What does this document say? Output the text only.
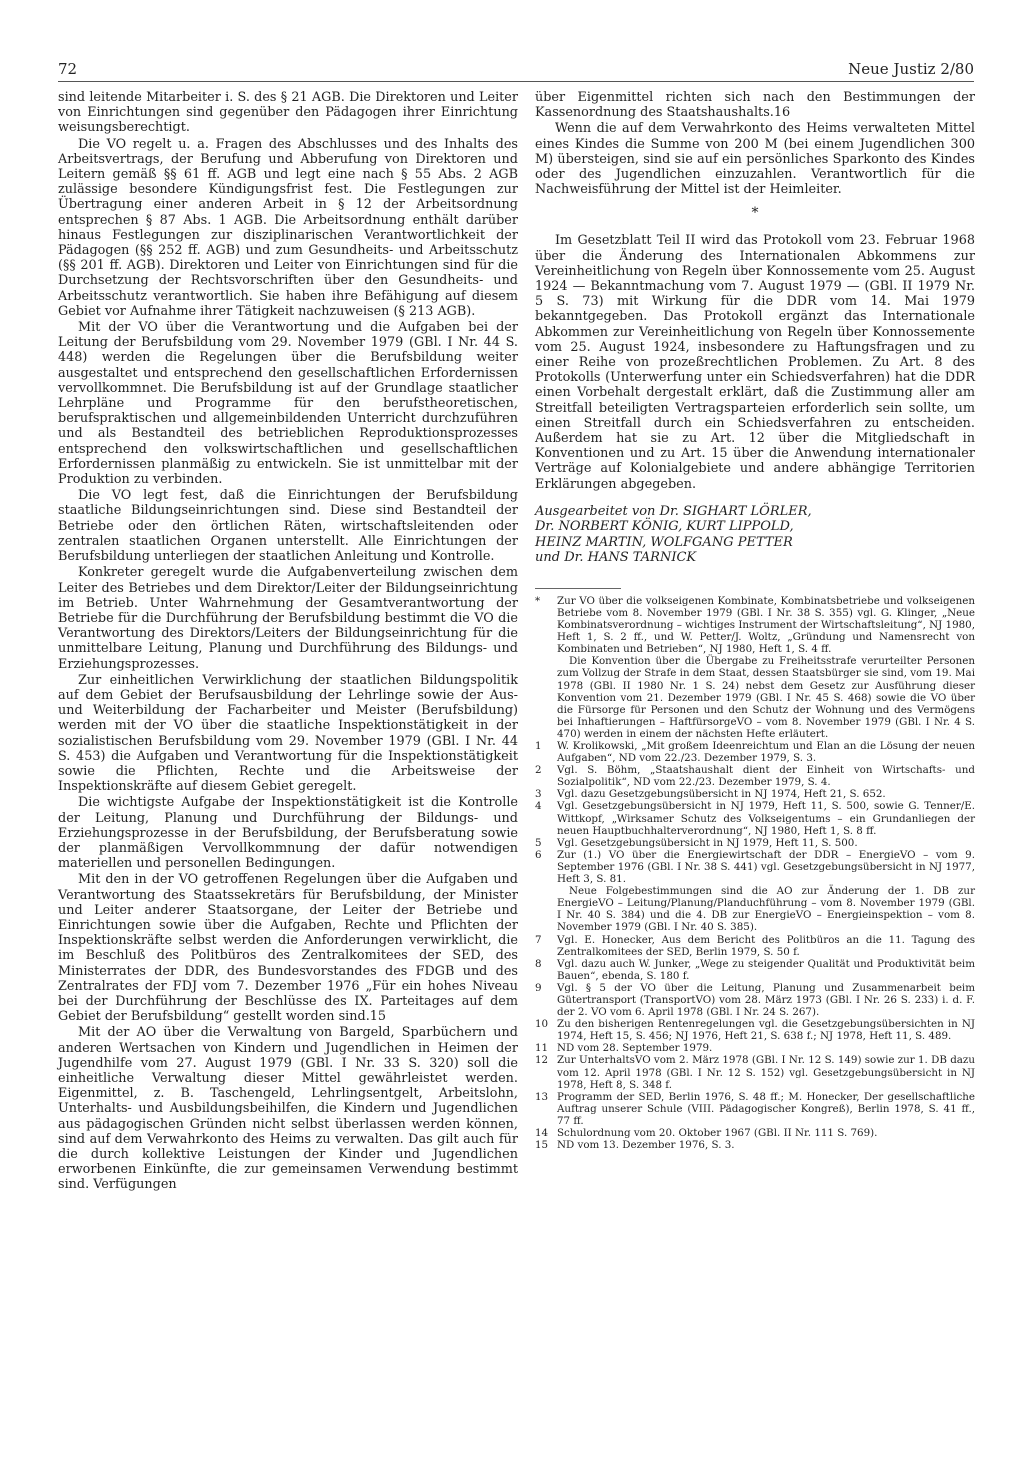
72	Neue Justiz 2/80

sind leitende Mitarbeiter i. S. des § 21 AGB. Die Direktoren und Leiter von Einrichtungen sind gegenüber den Pädagogen ihrer Einrichtung weisungsberechtigt.

Die VO regelt u. a. Fragen des Abschlusses und des Inhalts des Arbeitsvertrags, der Berufung und Abberufung von Direktoren und Leitern gemäß §§ 61 ff. AGB und legt eine nach § 55 Abs. 2 AGB zulässige besondere Kündigungsfrist fest. Die Festlegungen zur Übertragung einer anderen Arbeit in § 12 der Arbeitsordnung entsprechen § 87 Abs. 1 AGB. Die Arbeitsordnung enthält darüber hinaus Festlegungen zur disziplinarischen Verantwortlichkeit der Pädagogen (§§ 252 ff. AGB) und zum Gesundheits- und Arbeitsschutz (§§ 201 ff. AGB). Direktoren und Leiter von Einrichtungen sind für die Durchsetzung der Rechtsvorschriften über den Gesundheits- und Arbeitsschutz verantwortlich. Sie haben ihre Befähigung auf diesem Gebiet vor Aufnahme ihrer Tätigkeit nachzuweisen (§ 213 AGB).

Mit der VO über die Verantwortung und die Aufgaben bei der Leitung der Berufsbildung vom 29. November 1979 (GBl. I Nr. 44 S. 448) werden die Regelungen über die Berufsbildung weiter ausgestaltet und entsprechend den gesellschaftlichen Erfordernissen vervollkommnet. Die Berufsbildung ist auf der Grundlage staatlicher Lehrpläne und Programme für den berufstheoretischen, berufspraktischen und allgemeinbildenden Unterricht durchzuführen und als Bestandteil des betrieblichen Reproduktionsprozesses entsprechend den volkswirtschaftlichen und gesellschaftlichen Erfordernissen planmäßig zu entwickeln. Sie ist unmittelbar mit der Produktion zu verbinden.

Die VO legt fest, daß die Einrichtungen der Berufsbildung staatliche Bildungseinrichtungen sind. Diese sind Bestandteil der Betriebe oder den örtlichen Räten, wirtschaftsleitenden oder zentralen staatlichen Organen unterstellt. Alle Einrichtungen der Berufsbildung unterliegen der staatlichen Anleitung und Kontrolle.

Konkreter geregelt wurde die Aufgabenverteilung zwischen dem Leiter des Betriebes und dem Direktor/Leiter der Bildungseinrichtung im Betrieb. Unter Wahrnehmung der Gesamtverantwortung der Betriebe für die Durchführung der Berufsbildung bestimmt die VO die Verantwortung des Direktors/Leiters der Bildungseinrichtung für die unmittelbare Leitung, Planung und Durchführung des Bildungs- und Erziehungsprozesses.

Zur einheitlichen Verwirklichung der staatlichen Bildungspolitik auf dem Gebiet der Berufsausbildung der Lehrlinge sowie der Aus- und Weiterbildung der Facharbeiter und Meister (Berufsbildung) werden mit der VO über die staatliche Inspektionstätigkeit in der sozialistischen Berufsbildung vom 29. November 1979 (GBl. I Nr. 44 S. 453) die Aufgaben und Verantwortung für die Inspektionstätigkeit sowie die Pflichten, Rechte und die Arbeitsweise der Inspektionskräfte auf diesem Gebiet geregelt.

Die wichtigste Aufgabe der Inspektionstätigkeit ist die Kontrolle der Leitung, Planung und Durchführung der Bildungs- und Erziehungsprozesse in der Berufsbildung, der Berufsberatung sowie der planmäßigen Vervollkommnung der dafür notwendigen materiellen und personellen Bedingungen.

Mit den in der VO getroffenen Regelungen über die Aufgaben und Verantwortung des Staatssekretärs für Berufsbildung, der Minister und Leiter anderer Staatsorgane, der Leiter der Betriebe und Einrichtungen sowie über die Aufgaben, Rechte und Pflichten der Inspektionskräfte selbst werden die Anforderungen verwirklicht, die im Beschluß des Politbüros des Zentralkomitees der SED, des Ministerrates der DDR, des Bundesvorstandes des FDGB und des Zentralrates der FDJ vom 7. Dezember 1976 „Für ein hohes Niveau bei der Durchführung der Beschlüsse des IX. Parteitages auf dem Gebiet der Berufsbildung“ gestellt worden sind.15

Mit der AO über die Verwaltung von Bargeld, Sparbüchern und anderen Wertsachen von Kindern und Jugendlichen in Heimen der Jugendhilfe vom 27. August 1979 (GBl. I Nr. 33 S. 320) soll die einheitliche Verwaltung dieser Mittel gewährleistet werden. Eigenmittel, z. B. Taschengeld, Lehrlingsentgelt, Arbeitslohn, Unterhalts- und Ausbildungsbeihilfen, die Kindern und Jugendlichen aus pädagogischen Gründen nicht selbst überlassen werden können, sind auf dem Verwahrkonto des Heims zu verwalten. Das gilt auch für die durch kollektive Leistungen der Kinder und Jugendlichen erworbenen Einkünfte, die zur gemeinsamen Verwendung bestimmt sind. Verfügungen

über Eigenmittel richten sich nach den Bestimmungen der Kassenordnung des Staatshaushalts.16

Wenn die auf dem Verwahrkonto des Heims verwalteten Mittel eines Kindes die Summe von 200 M (bei einem Jugendlichen 300 M) übersteigen, sind sie auf ein persönliches Sparkonto des Kindes oder des Jugendlichen einzuzahlen. Verantwortlich für die Nachweisführung der Mittel ist der Heimleiter.

*

Im Gesetzblatt Teil II wird das Protokoll vom 23. Februar 1968 über die Änderung des Internationalen Abkommens zur Vereinheitlichung von Regeln über Konnossemente vom 25. August 1924 — Bekanntmachung vom 7. August 1979 — (GBl. II 1979 Nr. 5 S. 73) mit Wirkung für die DDR vom 14. Mai 1979 bekanntgegeben. Das Protokoll ergänzt das Internationale Abkommen zur Vereinheitlichung von Regeln über Konnossemente vom 25. August 1924, insbesondere zu Haftungsfragen und zu einer Reihe von prozeßrechtlichen Problemen. Zu Art. 8 des Protokolls (Unterwerfung unter ein Schiedsverfahren) hat die DDR einen Vorbehalt dergestalt erklärt, daß die Zustimmung aller am Streitfall beteiligten Vertragsparteien erforderlich sein sollte, um einen Streitfall durch ein Schiedsverfahren zu entscheiden. Außerdem hat sie zu Art. 12 über die Mitgliedschaft in Konventionen und zu Art. 15 über die Anwendung internationaler Verträge auf Kolonialgebiete und andere abhängige Territorien Erklärungen abgegeben.

Ausgearbeitet von Dr. SIGHART LÖRLER,
Dr. NORBERT KÖNIG, KURT LIPPOLD,
HEINZ MARTIN, WOLFGANG PETTER
und Dr. HANS TARNICK
*	Zur VO über die volkseigenen Kombinate, Kombinatsbetriebe und volkseigenen Betriebe vom 8. November 1979 (GBl. I Nr. 38 S. 355) vgl. G. Klinger, „Neue Kombinatsverordnung – wichtiges Instrument der Wirtschaftsleitung“, NJ 1980, Heft 1, S. 2 ff., und W. Petter/J. Woltz, „Gründung und Namensrecht von Kombinaten und Betrieben“, NJ 1980, Heft 1, S. 4 ff.
Die Konvention über die Übergabe zu Freiheitsstrafe verurteilter Personen zum Vollzug der Strafe in dem Staat, dessen Staatsbürger sie sind, vom 19. Mai 1978 (GBl. II 1980 Nr. 1 S. 24) nebst dem Gesetz zur Ausführung dieser Konvention vom 21. Dezember 1979 (GBl. I Nr. 45 S. 468) sowie die VO über die Fürsorge für Personen und den Schutz der Wohnung und des Vermögens bei Inhaftierungen – HaftfürsorgeVO – vom 8. November 1979 (GBl. I Nr. 4 S. 470) werden in einem der nächsten Hefte erläutert.
1	W. Krolikowski, „Mit großem Ideenreichtum und Elan an die Lösung der neuen Aufgaben“, ND vom 22./23. Dezember 1979, S. 3.
2	Vgl. S. Böhm, „Staatshaushalt dient der Einheit von Wirtschafts- und Sozialpolitik“, ND vom 22./23. Dezember 1979, S. 4.
3	Vgl. dazu Gesetzgebungsübersicht in NJ 1974, Heft 21, S. 652.
4	Vgl. Gesetzgebungsübersicht in NJ 1979, Heft 11, S. 500, sowie G. Tenner/E. Wittkopf, „Wirksamer Schutz des Volkseigentums – ein Grundanliegen der neuen Hauptbuchhalterverordnung“, NJ 1980, Heft 1, S. 8 ff.
5	Vgl. Gesetzgebungsübersicht in NJ 1979, Heft 11, S. 500.
6	Zur (1.) VO über die Energiewirtschaft der DDR – EnergieVO – vom 9. September 1976 (GBl. I Nr. 38 S. 441) vgl. Gesetzgebungsübersicht in NJ 1977, Heft 3, S. 81.
Neue Folgebestimmungen sind die AO zur Änderung der 1. DB zur EnergieVO – Leitung/Planung/Planduchführung – vom 8. November 1979 (GBl. I Nr. 40 S. 384) und die 4. DB zur EnergieVO – Energieinspektion – vom 8. November 1979 (GBl. I Nr. 40 S. 385).
7	Vgl. E. Honecker, Aus dem Bericht des Politbüros an die 11. Tagung des Zentralkomitees der SED, Berlin 1979, S. 50 f.
8	Vgl. dazu auch W. Junker, „Wege zu steigender Qualität und Produktivität beim Bauen“, ebenda, S. 180 f.
9	Vgl. § 5 der VO über die Leitung, Planung und Zusammenarbeit beim Gütertransport (TransportVO) vom 28. März 1973 (GBl. I Nr. 26 S. 233) i. d. F. der 2. VO vom 6. April 1978 (GBl. I Nr. 24 S. 267).
10 Zu den bisherigen Rentenregelungen vgl. die Gesetzgebungsübersichten in NJ 1974, Heft 15, S. 456; NJ 1976, Heft 21, S. 638 f.; NJ 1978, Heft 11, S. 489.
11 ND vom 28. September 1979.
12 Zur UnterhaltsVO vom 2. März 1978 (GBl. I Nr. 12 S. 149) sowie zur 1. DB dazu vom 12. April 1978 (GBl. I Nr. 12 S. 152) vgl. Gesetzgebungsübersicht in NJ 1978, Heft 8, S. 348 f.
13 Programm der SED, Berlin 1976, S. 48 ff.; M. Honecker, Der gesellschaftliche Auftrag unserer Schule (VIII. Pädagogischer Kongreß), Berlin 1978, S. 41 ff., 77 ff.
14 Schulordnung vom 20. Oktober 1967 (GBl. II Nr. 111 S. 769).
15 ND vom 13. Dezember 1976, S. 3.
